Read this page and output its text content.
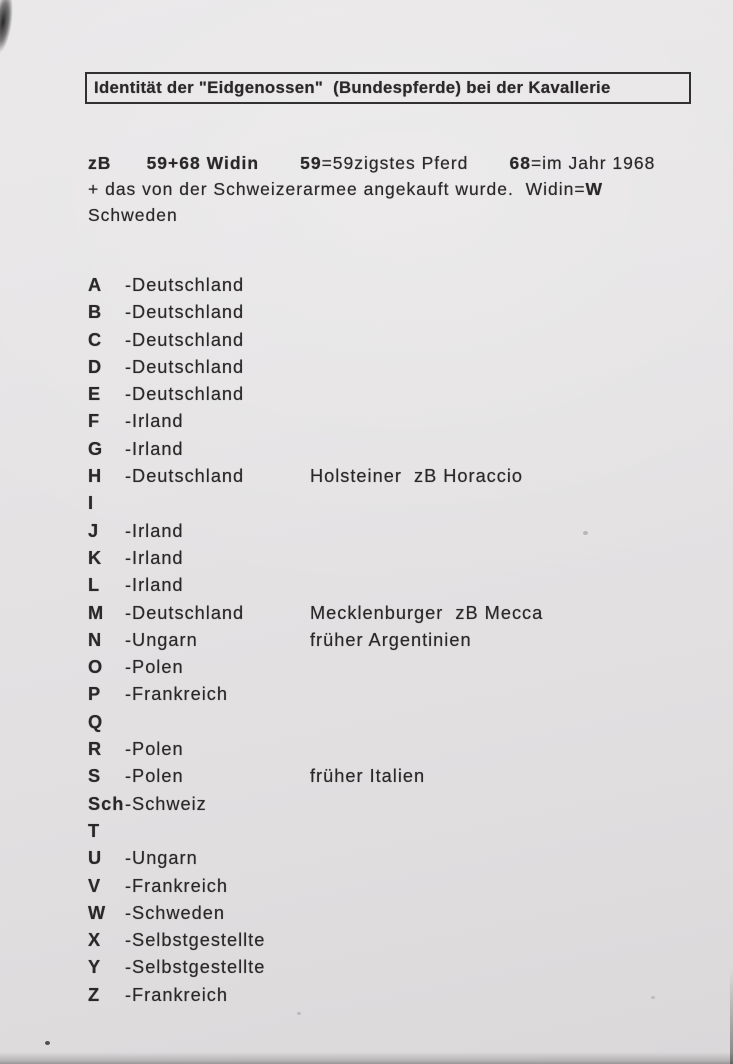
Identität der "Eidgenossen"  (Bundespferde) bei der Kavallerie
zB 59+68 Widin 59=59zigstes Pferd 68=im Jahr 1968
+ das von der Schweizerarmee angekauft wurde.  Widin=W
Schweden
A -Deutschland
B -Deutschland
C -Deutschland
D -Deutschland
E -Deutschland
F -Irland
G -Irland
H -Deutschland	Holsteiner  zB Horaccio
I
J -Irland
K -Irland
L -Irland
M -Deutschland	Mecklenburger  zB Mecca
N -Ungarn	früher Argentinien
O -Polen
P -Frankreich
Q
R -Polen
S -Polen	früher Italien
Sch-Schweiz
T
U -Ungarn
V -Frankreich
W -Schweden
X -Selbstgestellte
Y -Selbstgestellte
Z -Frankreich
